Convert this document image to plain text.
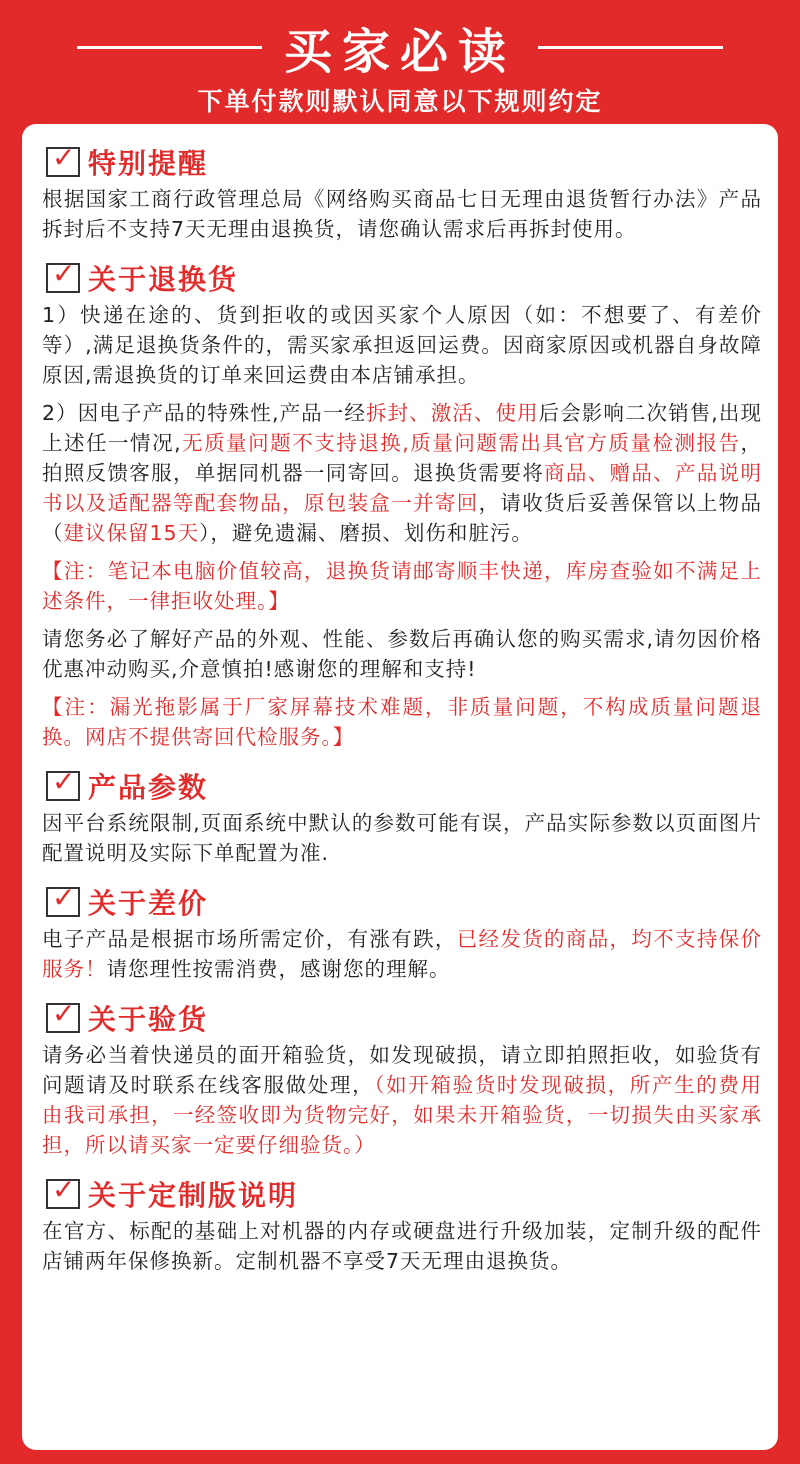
买家必读
下单付款则默认同意以下规则约定
✓ 特别提醒

根据国家工商行政管理总局《网络购买商品七日无理由退货暂行办法》产品拆封后不支持7天无理由退换货，请您确认需求后再拆封使用。

✓ 关于退换货

1）快递在途的、货到拒收的或因买家个人原因（如：不想要了、有差价等）,满足退换货条件的，需买家承担返回运费。因商家原因或机器自身故障原因,需退换货的订单来回运费由本店铺承担。

2）因电子产品的特殊性,产品一经拆封、激活、使用后会影响二次销售,出现上述任一情况,无质量问题不支持退换,质量问题需出具官方质量检测报告，拍照反馈客服，单据同机器一同寄回。退换货需要将商品、赠品、产品说明书以及适配器等配套物品，原包装盒一并寄回，请收货后妥善保管以上物品（建议保留15天），避免遗漏、磨损、划伤和脏污。

【注：笔记本电脑价值较高，退换货请邮寄顺丰快递，库房查验如不满足上述条件，一律拒收处理。】

请您务必了解好产品的外观、性能、参数后再确认您的购买需求,请勿因价格优惠冲动购买,介意慎拍!感谢您的理解和支持!

【注：漏光拖影属于厂家屏幕技术难题，非质量问题，不构成质量问题退换。网店不提供寄回代检服务。】

✓ 产品参数

因平台系统限制,页面系统中默认的参数可能有误，产品实际参数以页面图片配置说明及实际下单配置为准.

✓ 关于差价

电子产品是根据市场所需定价，有涨有跌，已经发货的商品，均不支持保价服务！请您理性按需消费，感谢您的理解。

✓ 关于验货

请务必当着快递员的面开箱验货，如发现破损，请立即拍照拒收，如验货有问题请及时联系在线客服做处理，（如开箱验货时发现破损，所产生的费用由我司承担，一经签收即为货物完好，如果未开箱验货，一切损失由买家承担，所以请买家一定要仔细验货。）

✓ 关于定制版说明

在官方、标配的基础上对机器的内存或硬盘进行升级加装，定制升级的配件店铺两年保修换新。定制机器不享受7天无理由退换货。
